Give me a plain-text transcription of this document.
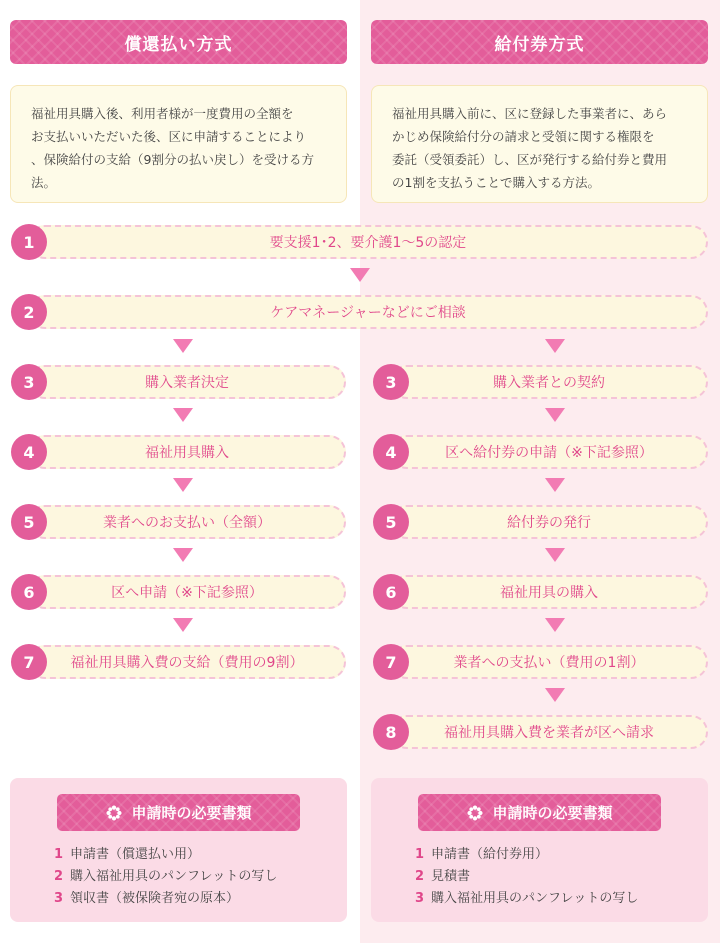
償還払い方式	給付券方式
福祉用具購入後、利用者様が一度費用の全額を
お支払いいただいた後、区に申請することにより
、保険給付の支給（9割分の払い戻し）を受ける方
法。
福祉用具購入前に、区に登録した事業者に、あら
かじめ保険給付分の請求と受領に関する権限を
委託（受領委託）し、区が発行する給付券と費用
の1割を支払うことで購入する方法。
要支援1･2、要介護1～5の認定
1
ケアマネージャーなどにご相談
2
購入業者決定
3
福祉用具購入
4
業者へのお支払い（全額）
5
区へ申請（※下記参照）
6
福祉用具購入費の支給（費用の9割）
7
購入業者との契約
3
区へ給付券の申請（※下記参照）
4
給付券の発行
5
福祉用具の購入
6
業者への支払い（費用の1割）
7
福祉用具購入費を業者が区へ請求
8
申請時の必要書類
1 申請書（償還払い用）
2 購入福祉用具のパンフレットの写し
3 領収書（被保険者宛の原本）
申請時の必要書類
1 申請書（給付券用）
2 見積書
3 購入福祉用具のパンフレットの写し
